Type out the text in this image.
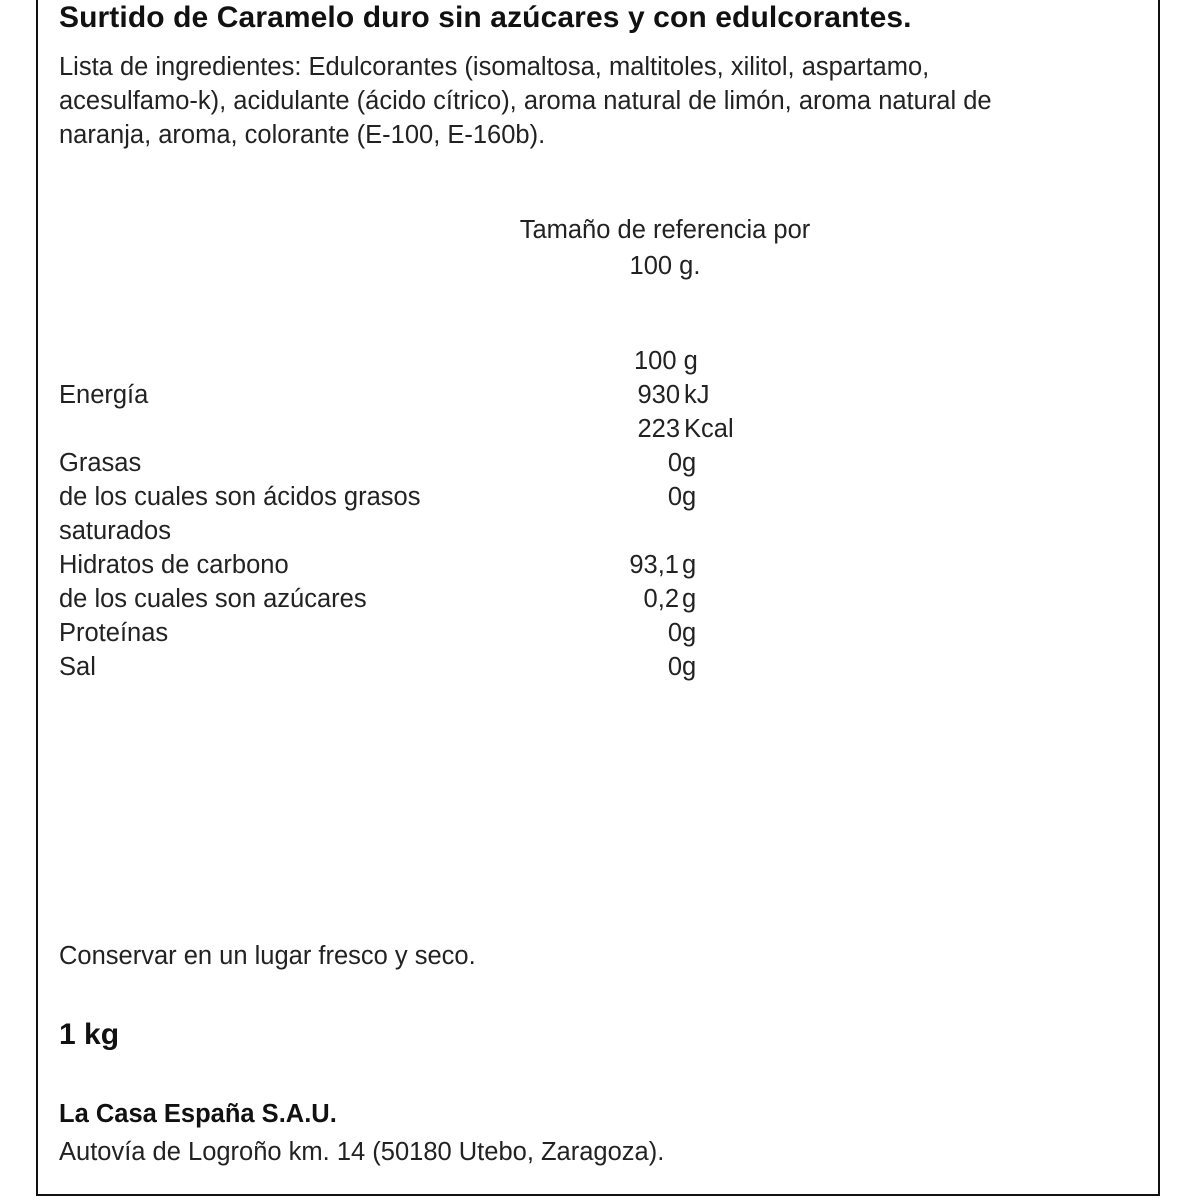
Surtido de Caramelo duro sin azúcares y con edulcorantes.
Lista de ingredientes: Edulcorantes (isomaltosa, maltitoles, xilitol, aspartamo,
acesulfamo-k), acidulante (ácido cítrico), aroma natural de limón, aroma natural de
naranja, aroma, colorante (E-100, E-160b).
Tamaño de referencia por
100 g.
100 g
Energía	930 kJ
223 Kcal
Grasas	0 g
de los cuales son ácidos grasos	0 g
saturados
Hidratos de carbono	93,1 g
de los cuales son azúcares	0,2 g
Proteínas	0 g
Sal	0 g
Conservar en un lugar fresco y seco.
1 kg
La Casa España S.A.U.
Autovía de Logroño km. 14 (50180 Utebo, Zaragoza).
